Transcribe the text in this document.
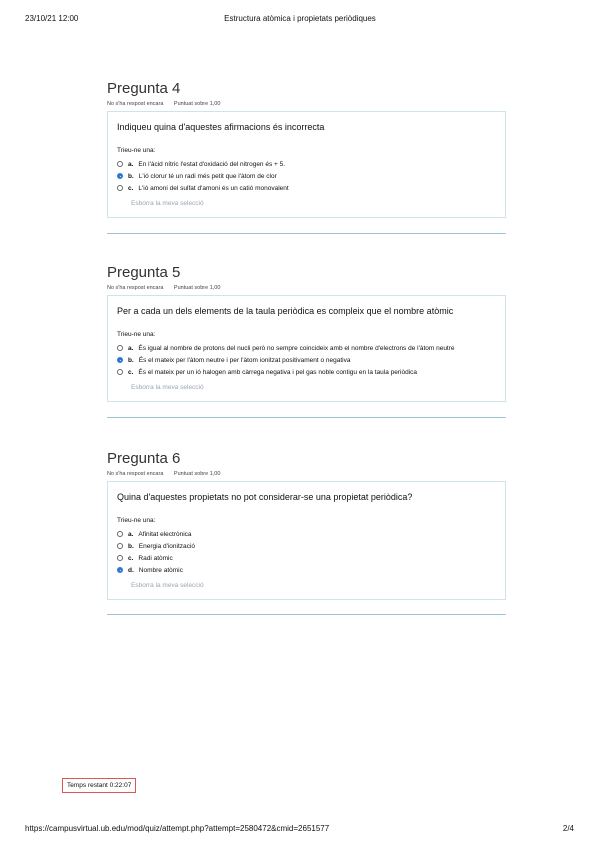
23/10/21 12:00	Estructura atòmica i propietats periòdiques
Pregunta 4
No s'ha respost encara Puntuat sobre 1,00
Indiqueu quina d'aquestes afirmacions és incorrecta
Trieu-ne una:
a. En l'àcid nítric l'estat d'oxidació del nitrogen és + 5.
b. L'ió clorur té un radi més petit que l'àtom de clor
c. L'ió amoni del sulfat d'amoni és un catió monovalent
Esborra la meva selecció
Pregunta 5
No s'ha respost encara Puntuat sobre 1,00
Per a cada un dels elements de la taula periòdica es compleix que el nombre atòmic
Trieu-ne una:
a. És igual al nombre de protons del nucli però no sempre coincideix amb el nombre d'electrons de l'àtom neutre
b. És el mateix per l'àtom neutre i per l'àtom ionitzat positivament o negativa
c. És el mateix per un ió halogen amb càrrega negativa i pel gas noble contigu en la taula periòdica
Esborra la meva selecció
Pregunta 6
No s'ha respost encara Puntuat sobre 1,00
Quina d'aquestes propietats no pot considerar-se una propietat periòdica?
Trieu-ne una:
a. Afinitat electrònica
b. Energia d'ionització
c. Radi atòmic
d. Nombre atòmic
Esborra la meva selecció
Temps restant 0:22:07
https://campusvirtual.ub.edu/mod/quiz/attempt.php?attempt=2580472&cmid=2651577	2/4
